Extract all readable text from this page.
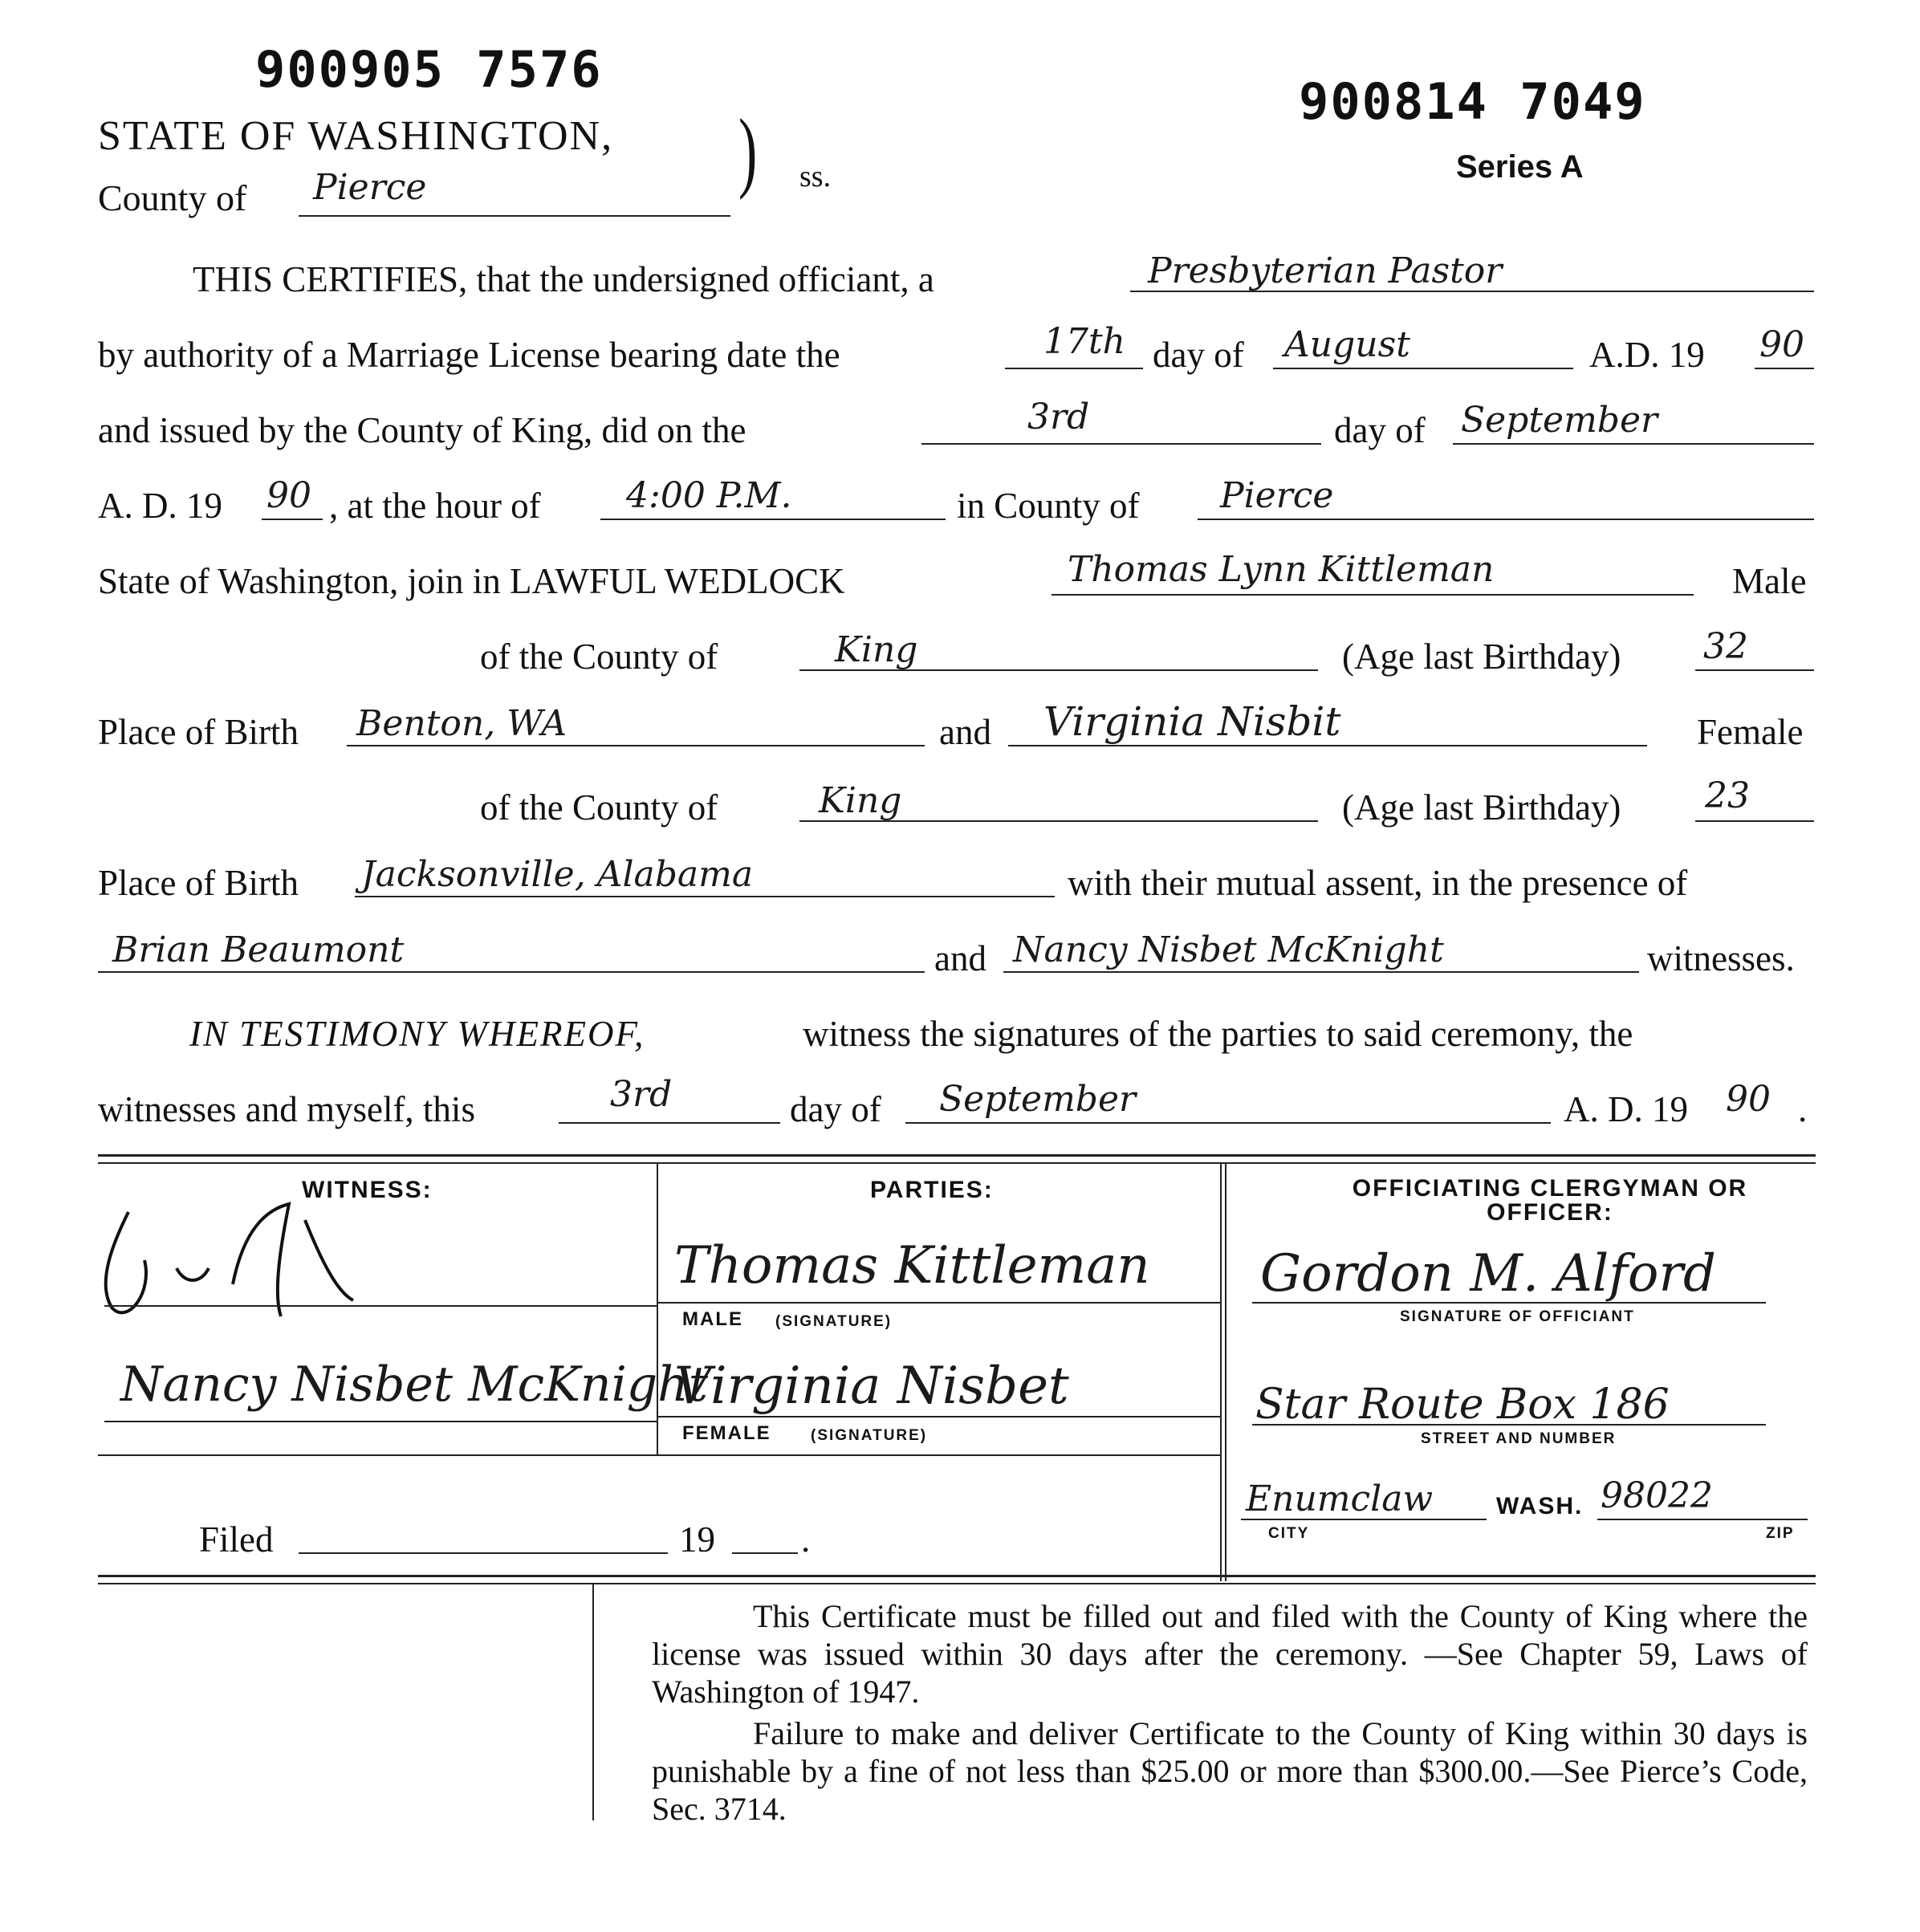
900905 7576
900814 7049
Series A
STATE OF WASHINGTON,
County of Pierce	) ss.
THIS CERTIFIES, that the undersigned officiant, a	Presbyterian Pastor
by authority of a Marriage License bearing date the	17th day of August	A.D. 19 90
and issued by the County of King, did on the	3rd	day of September
A. D. 19 90 , at the hour of 4:00 P.M.	in County of Pierce
State of Washington, join in LAWFUL WEDLOCK	Thomas Lynn Kittleman	Male
of the County of	King	(Age last Birthday) 32
Place of Birth Benton, WA	and Virginia Nisbit	Female
of the County of	King	(Age last Birthday) 23
Place of Birth Jacksonville, Alabama	with their mutual assent, in the presence of
Brian Beaumont	and Nancy Nisbet McKnight	witnesses.
IN TESTIMONY WHEREOF,	witness the signatures of the parties to said ceremony, the
witnesses and myself, this	3rd	day of September	A. D. 19 90 .
WITNESS:
Nancy Nisbet McKnight
PARTIES:
Thomas Kittleman
MALE (SIGNATURE)
Virginia Nisbet
FEMALE	(SIGNATURE)
OFFICIATING CLERGYMAN OR OFFICER:
Gordon M. Alford
SIGNATURE OF OFFICIANT
Star Route Box 186
STREET AND NUMBER
Enumclaw
CITY
WASH. 98022
ZIP
Filed	19 .
This Certificate must be filled out and filed with the County of King where the license was issued within 30 days after the ceremony. —See Chapter 59, Laws of Washington of 1947.
Failure to make and deliver Certificate to the County of King within 30 days is punishable by a fine of not less than $25.00 or more than $300.00.—See Pierce’s Code, Sec. 3714.
